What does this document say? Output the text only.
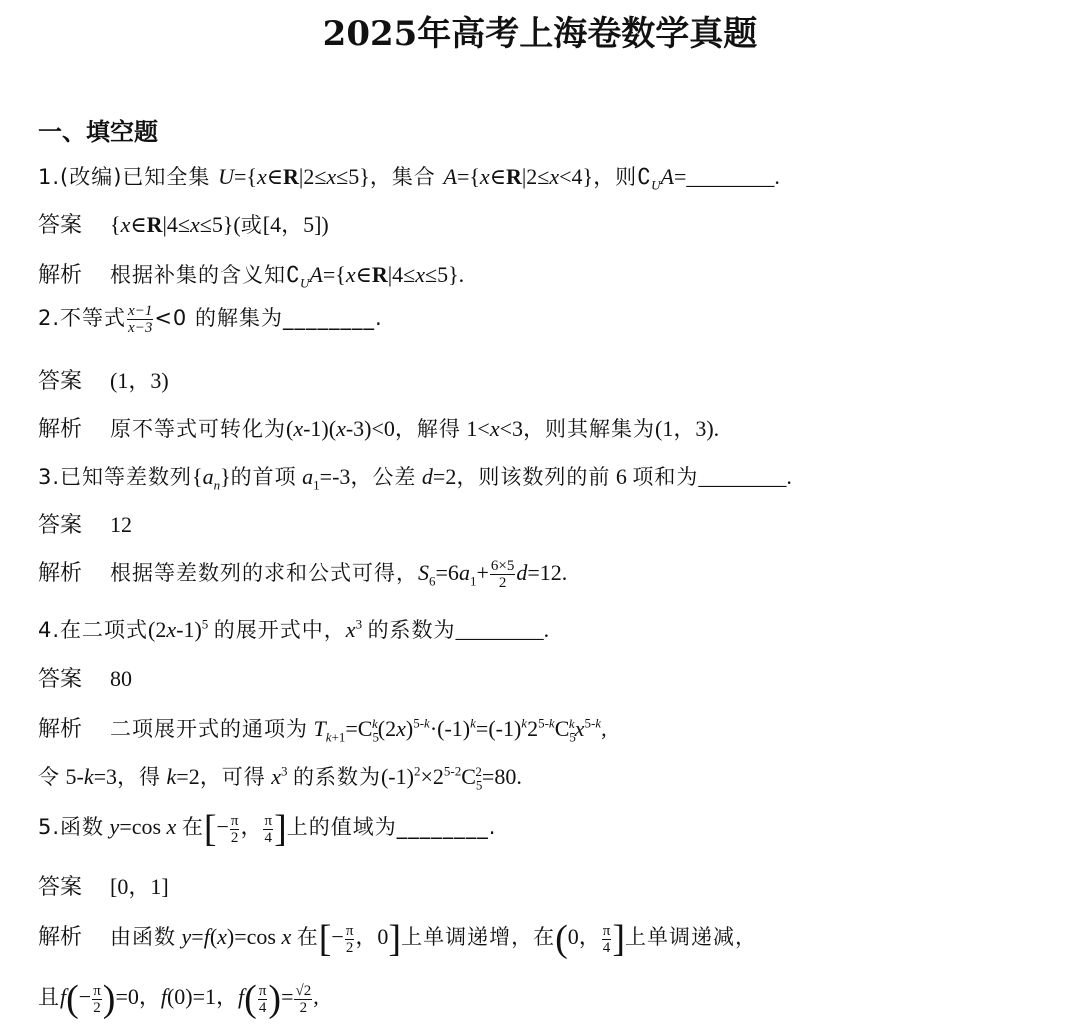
2025年高考上海卷数学真题
一、填空题
1.(改编)已知全集 U={x∈R|2≤x≤5}，集合 A={x∈R|2≤x<4}，则$∁_UA=\_\_\_\_\_\_\_\_$.
答案 {x∈R|4≤x≤5}(或[4，5])
解析 根据补集的含义知$∁_UA=\{x\in R|4\le x\le 5\}$.
2.不等式 $\frac{x-1}{x-3} <0$ 的解集为________.
答案 (1，3)
解析 原不等式可转化为(x-1)(x-3)<0，解得 1<x<3，则其解集为(1，3).
3.已知等差数列$\{a_n\}$的首项 $a_1=-3$，公差 d=2，则该数列的前 6 项和为________.
答案 12
解析 根据等差数列的求和公式可得，$S_6=6a_1+ \frac{6\times 5}{2} d=12$.
4.在二项式$(2x-1)^5$ 的展开式中，$x^3$ 的系数为________.
答案 80
解析 二项展开式的通项为 $T_{k+1}=C_5^k(2x)^{5-k}\cdot(-1)^k=(-1)^k2^{5-k}C_5^kx^{5-k}$,
令 5-k=3，得 k=2，可得 $x^3$ 的系数为$(-1)^2\times 2^{5-2}C_5^2=80$.
5.函数 y=cos x 在[− $\frac{\pi}{2}$ ， $\frac{\pi}{4}$ ]上的值域为________.
答案 [0，1]
解析 由函数 y=f(x)=cos x 在[− $\frac{\pi}{2}$ ，0]上单调递增，在(0， $\frac{\pi}{4}$ ]上单调递减，
且$f(- \frac{\pi}{2} )=0$，f(0)=1，$f( \frac{\pi}{4}$ )= $\frac{√2}{2}$ ,
